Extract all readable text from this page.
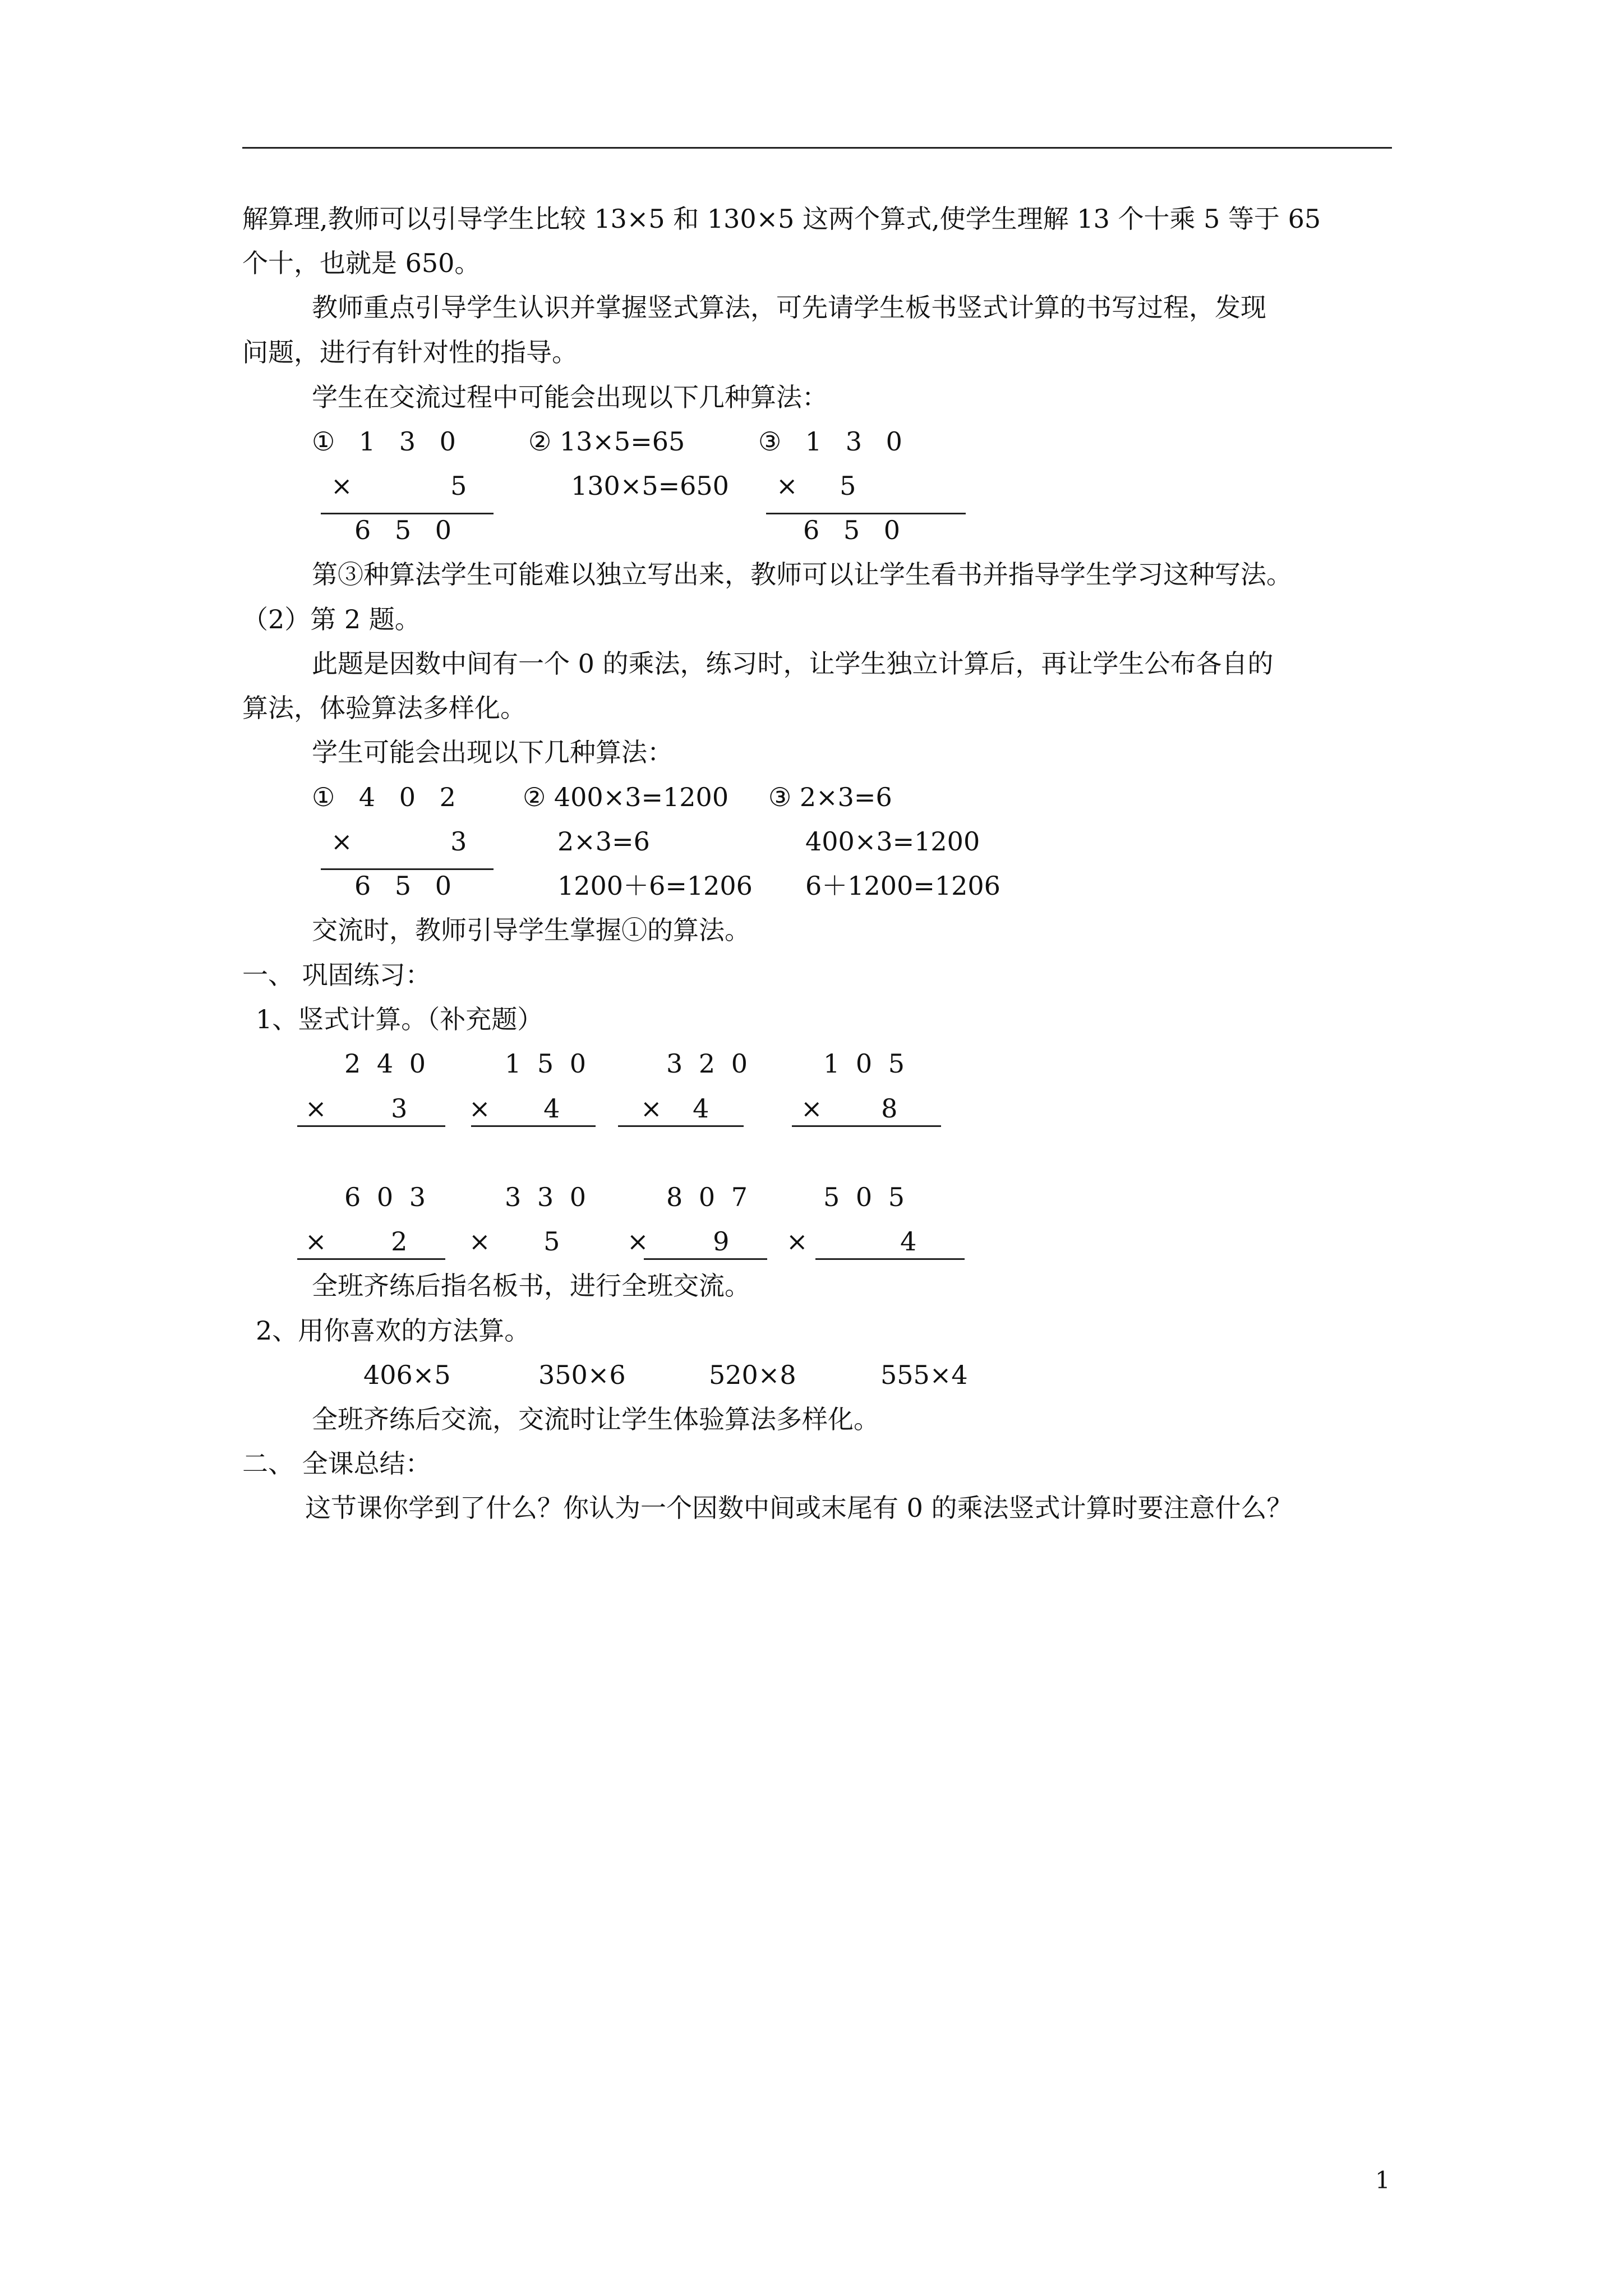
解算理,教师可以引导学生比较 13×5 和 130×5 这两个算式,使学生理解 13 个十乘 5 等于 65
个十，也就是 650。
教师重点引导学生认识并掌握竖式算法，可先请学生板书竖式计算的书写过程，发现
问题，进行有针对性的指导。
学生在交流过程中可能会出现以下几种算法：
① 1 3 0
× 5
6 5 0
② 13×5=65
130×5=650
③ 1 3 0
× 5
6 5 0
第③种算法学生可能难以独立写出来，教师可以让学生看书并指导学生学习这种写法。
（2）第 2 题。
此题是因数中间有一个 0 的乘法，练习时，让学生独立计算后，再让学生公布各自的
算法，体验算法多样化。
学生可能会出现以下几种算法：
① 4 0 2
× 3
6 5 0
② 400×3=1200
2×3=6
1200＋6=1206
③ 2×3=6
400×3=1200
6＋1200=1206
交流时，教师引导学生掌握①的算法。
一、 巩固练习：
1、竖式计算。（补充题）
2 4 0
× 3
1 5 0
× 4
3 2 0
× 4
1 0 5
× 8
6 0 3
× 2
3 3 0
× 5
8 0 7
× 9
5 0 5
× 4
全班齐练后指名板书，进行全班交流。
2、用你喜欢的方法算。
406×5	350×6	520×8	555×4
全班齐练后交流，交流时让学生体验算法多样化。
二、 全课总结：
这节课你学到了什么？你认为一个因数中间或末尾有 0 的乘法竖式计算时要注意什么？
1
